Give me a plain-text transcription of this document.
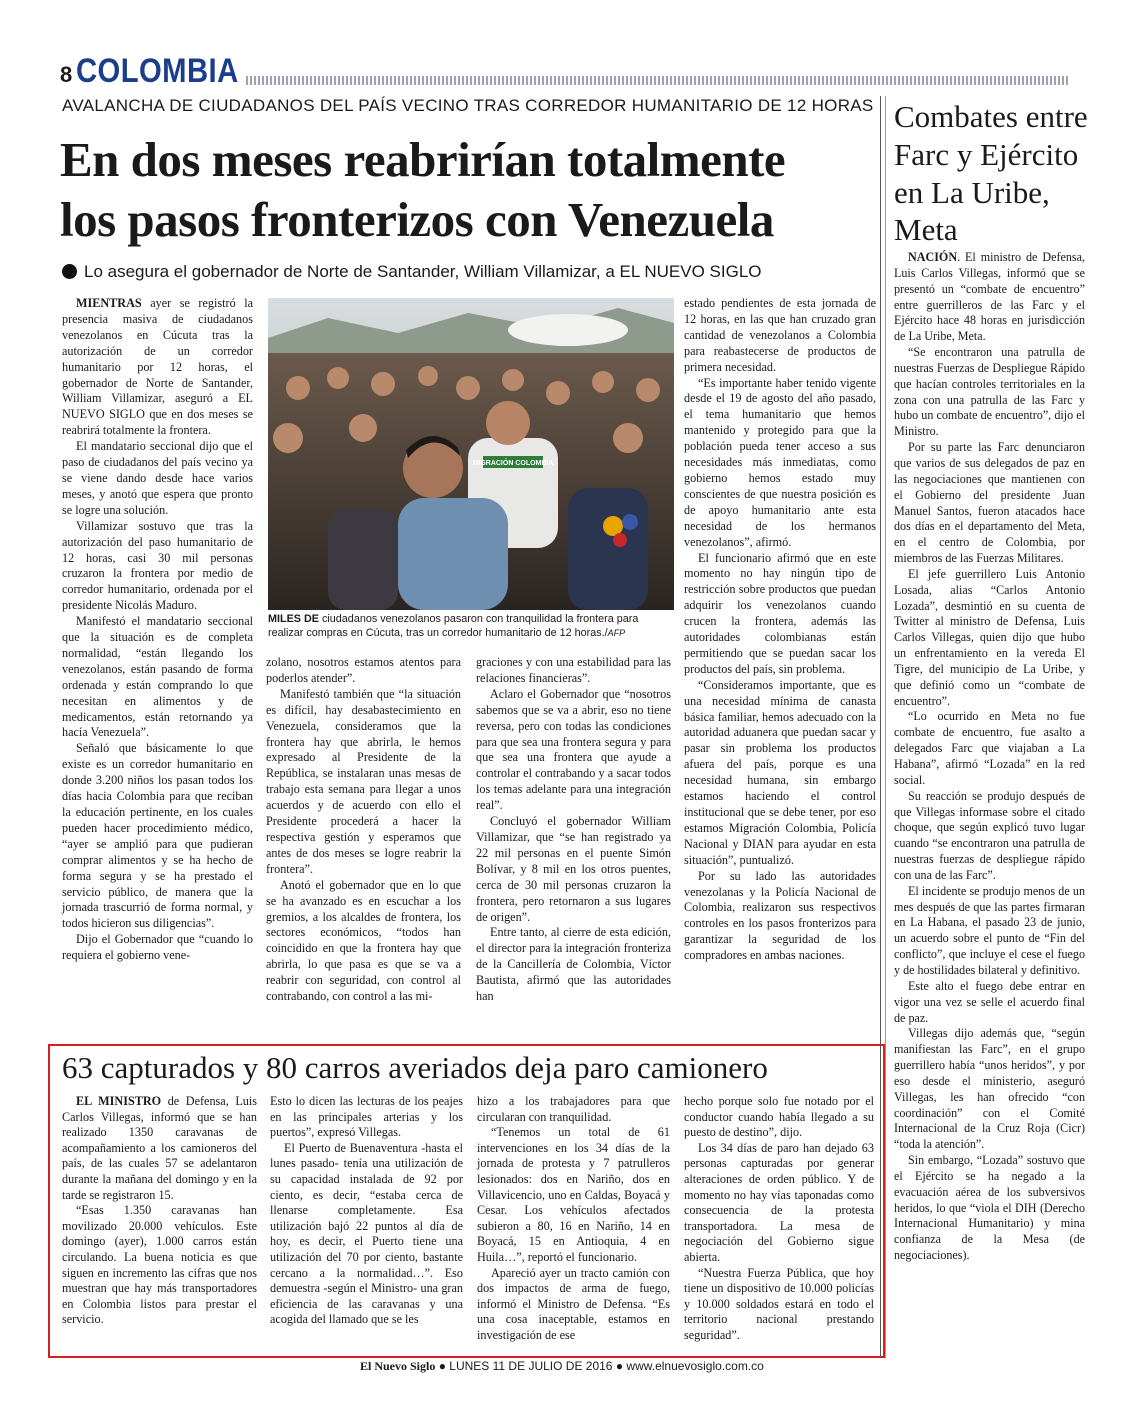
8 COLOMBIA
AVALANCHA DE CIUDADANOS DEL PAÍS VECINO TRAS CORREDOR HUMANITARIO DE 12 HORAS
En dos meses reabrirían totalmente
los pasos fronterizos con Venezuela
Lo asegura el gobernador de Norte de Santander, William Villamizar, a EL NUEVO SIGLO

MIENTRAS ayer se registró la presencia masiva de ciudadanos venezolanos en Cúcuta tras la autorización de un corredor humanitario por 12 horas, el gobernador de Norte de Santander, William Villamizar, aseguró a EL NUEVO SIGLO que en dos meses se reabrirá totalmente la frontera.

El mandatario seccional dijo que el paso de ciudadanos del país vecino ya se viene dando desde hace varios meses, y anotó que espera que pronto se logre una solución.

Villamizar sostuvo que tras la autorización del paso humanitario de 12 horas, casi 30 mil personas cruzaron la frontera por medio de corredor humanitario, ordenada por el presidente Nicolás Maduro.

Manifestó el mandatario seccional que la situación es de completa normalidad, “están llegando los venezolanos, están pasando de forma ordenada y están comprando lo que necesitan en alimentos y de medicamentos, están retornando ya hacía Venezuela”.

Señaló que básicamente lo que existe es un corredor humanitario en donde 3.200 niños los pasan todos los días hacia Colombia para que reciban la educación pertinente, en los cuales pueden hacer procedimiento médico, “ayer se amplió para que pudieran comprar alimentos y se ha hecho de forma segura y se ha prestado el servicio público, de manera que la jornada trascurrió de forma normal, y todos hicieron sus diligencias”.

Dijo el Gobernador que “cuando lo requiera el gobierno vene-

MIGRACIÓN COLOMBIA
MILES DE ciudadanos venezolanos pasaron con tranquilidad la frontera para realizar compras en Cúcuta, tras un corredor humanitario de 12 horas./AFP

zolano, nosotros estamos atentos para poderlos atender”.

Manifestó también que “la situación es difícil, hay desabastecimiento en Venezuela, consideramos que la frontera hay que abrirla, le hemos expresado al Presidente de la República, se instalaran unas mesas de trabajo esta semana para llegar a unos acuerdos y de acuerdo con ello el Presidente procederá a hacer la respectiva gestión y esperamos que antes de dos meses se logre reabrir la frontera”.

Anotó el gobernador que en lo que se ha avanzado es en escuchar a los gremios, a los alcaldes de frontera, los sectores económicos, “todos han coincidido en que la frontera hay que abrirla, lo que pasa es que se va a reabrir con seguridad, con control al contrabando, con control a las mi-

graciones y con una estabilidad para las relaciones financieras”.

Aclaro el Gobernador que “nosotros sabemos que se va a abrir, eso no tiene reversa, pero con todas las condiciones para que sea una frontera segura y para que sea una frontera que ayude a controlar el contrabando y a sacar todos los temas adelante para una integración real”.

Concluyó el gobernador William Villamizar, que “se han registrado ya 22 mil personas en el puente Simón Bolívar, y 8 mil en los otros puentes, cerca de 30 mil personas cruzaron la frontera, pero retornaron a sus lugares de origen”.

Entre tanto, al cierre de esta edición, el director para la integración fronteriza de la Cancillería de Colombia, Víctor Bautista, afirmó que las autoridades han

estado pendientes de esta jornada de 12 horas, en las que han cruzado gran cantidad de venezolanos a Colombia para reabastecerse de productos de primera necesidad.

“Es importante haber tenido vigente desde el 19 de agosto del año pasado, el tema humanitario que hemos mantenido y protegido para que la población pueda tener acceso a sus necesidades más inmediatas, como gobierno hemos estado muy conscientes de que nuestra posición es de apoyo humanitario ante esta necesidad de los hermanos venezolanos”, afirmó.

El funcionario afirmó que en este momento no hay ningún tipo de restricción sobre productos que puedan adquirir los venezolanos cuando crucen la frontera, además las autoridades colombianas están permitiendo que se puedan sacar los productos del país, sin problema.

“Consideramos importante, que es una necesidad mínima de canasta básica familiar, hemos adecuado con la autoridad aduanera que puedan sacar y pasar sin problema los productos afuera del país, porque es una necesidad humana, sin embargo estamos haciendo el control institucional que se debe tener, por eso estamos Migración Colombia, Policía Nacional y DIAN para ayudar en esta situación”, puntualizó.

Por su lado las autoridades venezolanas y la Policía Nacional de Colombia, realizaron sus respectivos controles en los pasos fronterizos para garantizar la seguridad de los compradores en ambas naciones.

Combates entre Farc y Ejército en La Uribe, Meta

NACIÓN. El ministro de Defensa, Luis Carlos Villegas, informó que se presentó un “combate de encuentro” entre guerrilleros de las Farc y el Ejército hace 48 horas en jurisdicción de La Uribe, Meta.

“Se encontraron una patrulla de nuestras Fuerzas de Despliegue Rápido que hacían controles territoriales en la zona con una patrulla de las Farc y hubo un combate de encuentro”, dijo el Ministro.

Por su parte las Farc denunciaron que varios de sus delegados de paz en las negociaciones que mantienen con el Gobierno del presidente Juan Manuel Santos, fueron atacados hace dos días en el departamento del Meta, en el centro de Colombia, por miembros de las Fuerzas Militares.

El jefe guerrillero Luis Antonio Losada, alias “Carlos Antonio Lozada”, desmintió en su cuenta de Twitter al ministro de Defensa, Luis Carlos Villegas, quien dijo que hubo un enfrentamiento en la vereda El Tigre, del municipio de La Uribe, y que definió como un “combate de encuentro”.

“Lo ocurrido en Meta no fue combate de encuentro, fue asalto a delegados Farc que viajaban a La Habana”, afirmó “Lozada” en la red social.

Su reacción se produjo después de que Villegas informase sobre el citado choque, que según explicó tuvo lugar cuando “se encontraron una patrulla de nuestras fuerzas de despliegue rápido con una de las Farc”.

El incidente se produjo menos de un mes después de que las partes firmaran en La Habana, el pasado 23 de junio, un acuerdo sobre el punto de “Fin del conflicto”, que incluye el cese el fuego y de hostilidades bilateral y definitivo.

Este alto el fuego debe entrar en vigor una vez se selle el acuerdo final de paz.

Villegas dijo además que, “según manifiestan las Farc”, en el grupo guerrillero había “unos heridos”, y por eso desde el ministerio, aseguró Villegas, les han ofrecido “con coordinación” con el Comité Internacional de la Cruz Roja (Cicr) “toda la atención”.

Sin embargo, “Lozada” sostuvo que el Ejército se ha negado a la evacuación aérea de los subversivos heridos, lo que “viola el DIH (Derecho Internacional Humanitario) y mina confianza de la Mesa (de negociaciones).

63 capturados y 80 carros averiados deja paro camionero

EL MINISTRO de Defensa, Luis Carlos Villegas, informó que se han realizado 1350 caravanas de acompañamiento a los camioneros del país, de las cuales 57 se adelantaron durante la mañana del domingo y en la tarde se registraron 15.

“Esas 1.350 caravanas han movilizado 20.000 vehículos. Este domingo (ayer), 1.000 carros están circulando. La buena noticia es que siguen en incremento las cifras que nos muestran que hay más transportadores en Colombia listos para prestar el servicio.

Esto lo dicen las lecturas de los peajes en las principales arterias y los puertos”, expresó Villegas.

El Puerto de Buenaventura -hasta el lunes pasado- tenía una utilización de su capacidad instalada de 92 por ciento, es decir, “estaba cerca de llenarse completamente. Esa utilización bajó 22 puntos al día de hoy, es decir, el Puerto tiene una utilización del 70 por ciento, bastante cercano a la normalidad…”. Eso demuestra -según el Ministro- una gran eficiencia de las caravanas y una acogida del llamado que se les

hizo a los trabajadores para que circularan con tranquilidad.

“Tenemos un total de 61 intervenciones en los 34 días de la jornada de protesta y 7 patrulleros lesionados: dos en Nariño, dos en Villavicencio, uno en Caldas, Boyacá y Cesar. Los vehículos afectados subieron a 80, 16 en Nariño, 14 en Boyacá, 15 en Antioquia, 4 en Huila…”, reportó el funcionario.

Apareció ayer un tracto camión con dos impactos de arma de fuego, informó el Ministro de Defensa. “Es una cosa inaceptable, estamos en investigación de ese

hecho porque solo fue notado por el conductor cuando había llegado a su puesto de destino”, dijo.

Los 34 días de paro han dejado 63 personas capturadas por generar alteraciones de orden público. Y de momento no hay vías taponadas como consecuencia de la protesta transportadora. La mesa de negociación del Gobierno sigue abierta.

“Nuestra Fuerza Pública, que hoy tiene un dispositivo de 10.000 policías y 10.000 soldados estará en todo el territorio nacional prestando seguridad”.

El Nuevo Siglo ● LUNES 11 DE JULIO DE 2016 ● www.elnuevosiglo.com.co
